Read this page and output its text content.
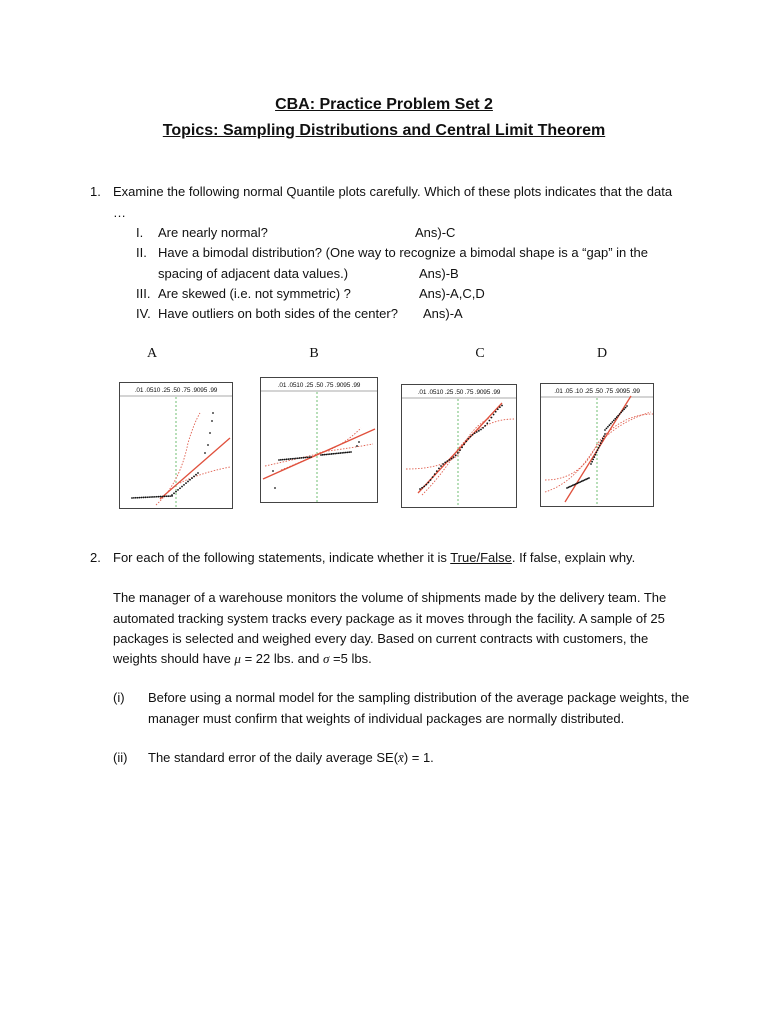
CBA: Practice Problem Set 2
Topics: Sampling Distributions and Central Limit Theorem
1. Examine the following normal Quantile plots carefully. Which of these plots indicates that the data
…
I. Are nearly normal?	Ans)-C
II. Have a bimodal distribution? (One way to recognize a bimodal shape is a “gap” in the
spacing of adjacent data values.)	Ans)-B
III. Are skewed (i.e. not symmetric) ?	Ans)-A,C,D
IV. Have outliers on both sides of the center? Ans)-A
A	B	C	D
.01 .0510 .25 .50 .75 .9095 .99
.01 .0510 .25 .50 .75 .9095 .99
.01 .0510 .25 .50 .75 .9095 .99	.01 .05 .10 .25 .50 .75 .9095 .99
2. For each of the following statements, indicate whether it is True/False. If false, explain why.
The manager of a warehouse monitors the volume of shipments made by the delivery team. The
automated tracking system tracks every package as it moves through the facility. A sample of 25
packages is selected and weighed every day. Based on current contracts with customers, the
weights should have μ = 22 lbs. and σ =5 lbs.
(i) Before using a normal model for the sampling distribution of the average package weights, the
manager must confirm that weights of individual packages are normally distributed.
(ii) The standard error of the daily average SE(x̄) = 1.
